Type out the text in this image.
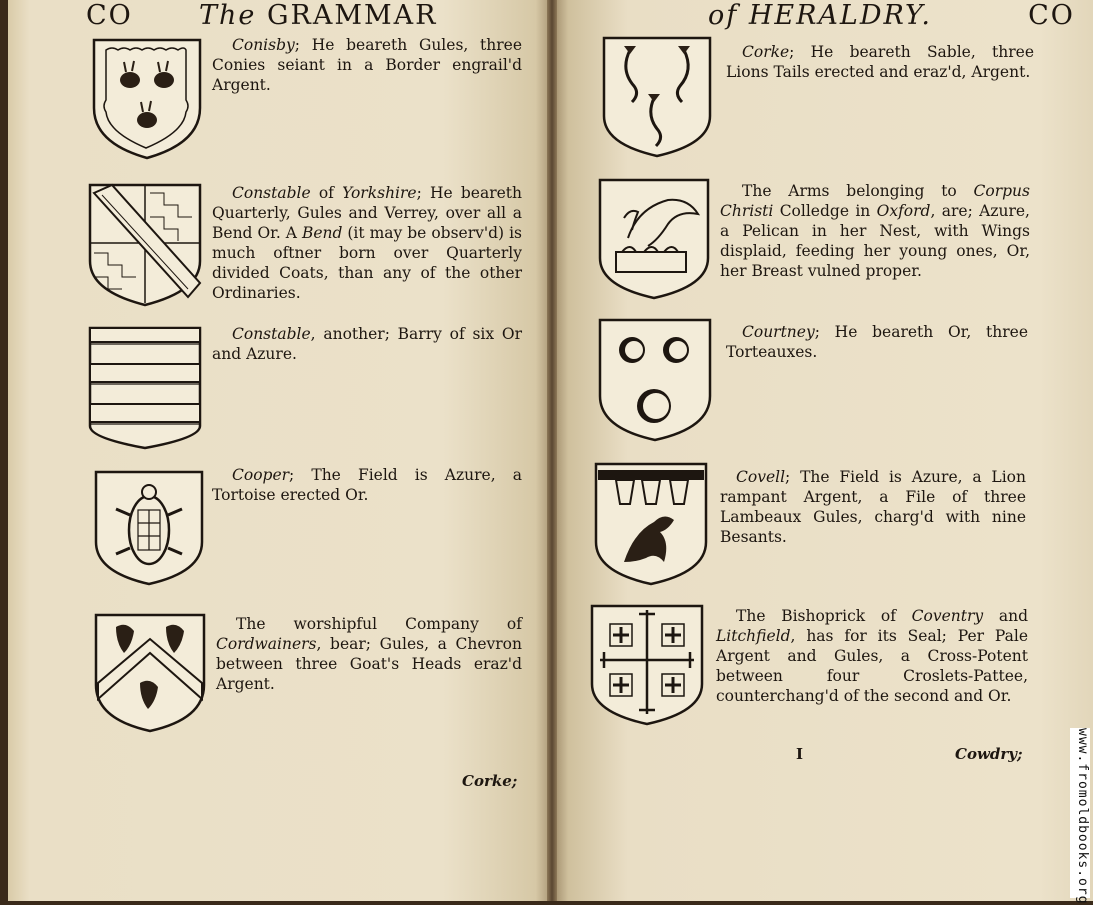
CO The GRAMMAR	of HERALDRY.	CO
Conisby; He beareth Gules, three Conies seiant in a Border engrail'd Argent.
Constable of Yorkshire; He beareth Quarterly, Gules and Verrey, over all a Bend Or. A Bend (it may be observ'd) is much oftner born over Quarterly divided Coats, than any of the other Ordinaries.
Constable, another; Barry of six Or and Azure.
Cooper; The Field is Azure, a Tortoise erected Or.
The worshipful Company of Cordwainers, bear; Gules, a Chevron between three Goat's Heads eraz'd Argent.
Corke;
Corke; He beareth Sable, three Lions Tails erected and eraz'd, Argent.
The Arms belonging to Corpus Christi Colledge in Oxford, are; Azure, a Pelican in her Nest, with Wings displaid, feeding her young ones, Or, her Breast vulned proper.
Courtney; He beareth Or, three Torteauxes.
Covell; The Field is Azure, a Lion rampant Argent, a File of three Lambeaux Gules, charg'd with nine Besants.
The Bishoprick of Coventry and Litchfield, has for its Seal; Per Pale Argent and Gules, a Cross-Potent between four Croslets-Pattee, counterchang'd of the second and Or.
I	Cowdry;	www.fromoldbooks.org
